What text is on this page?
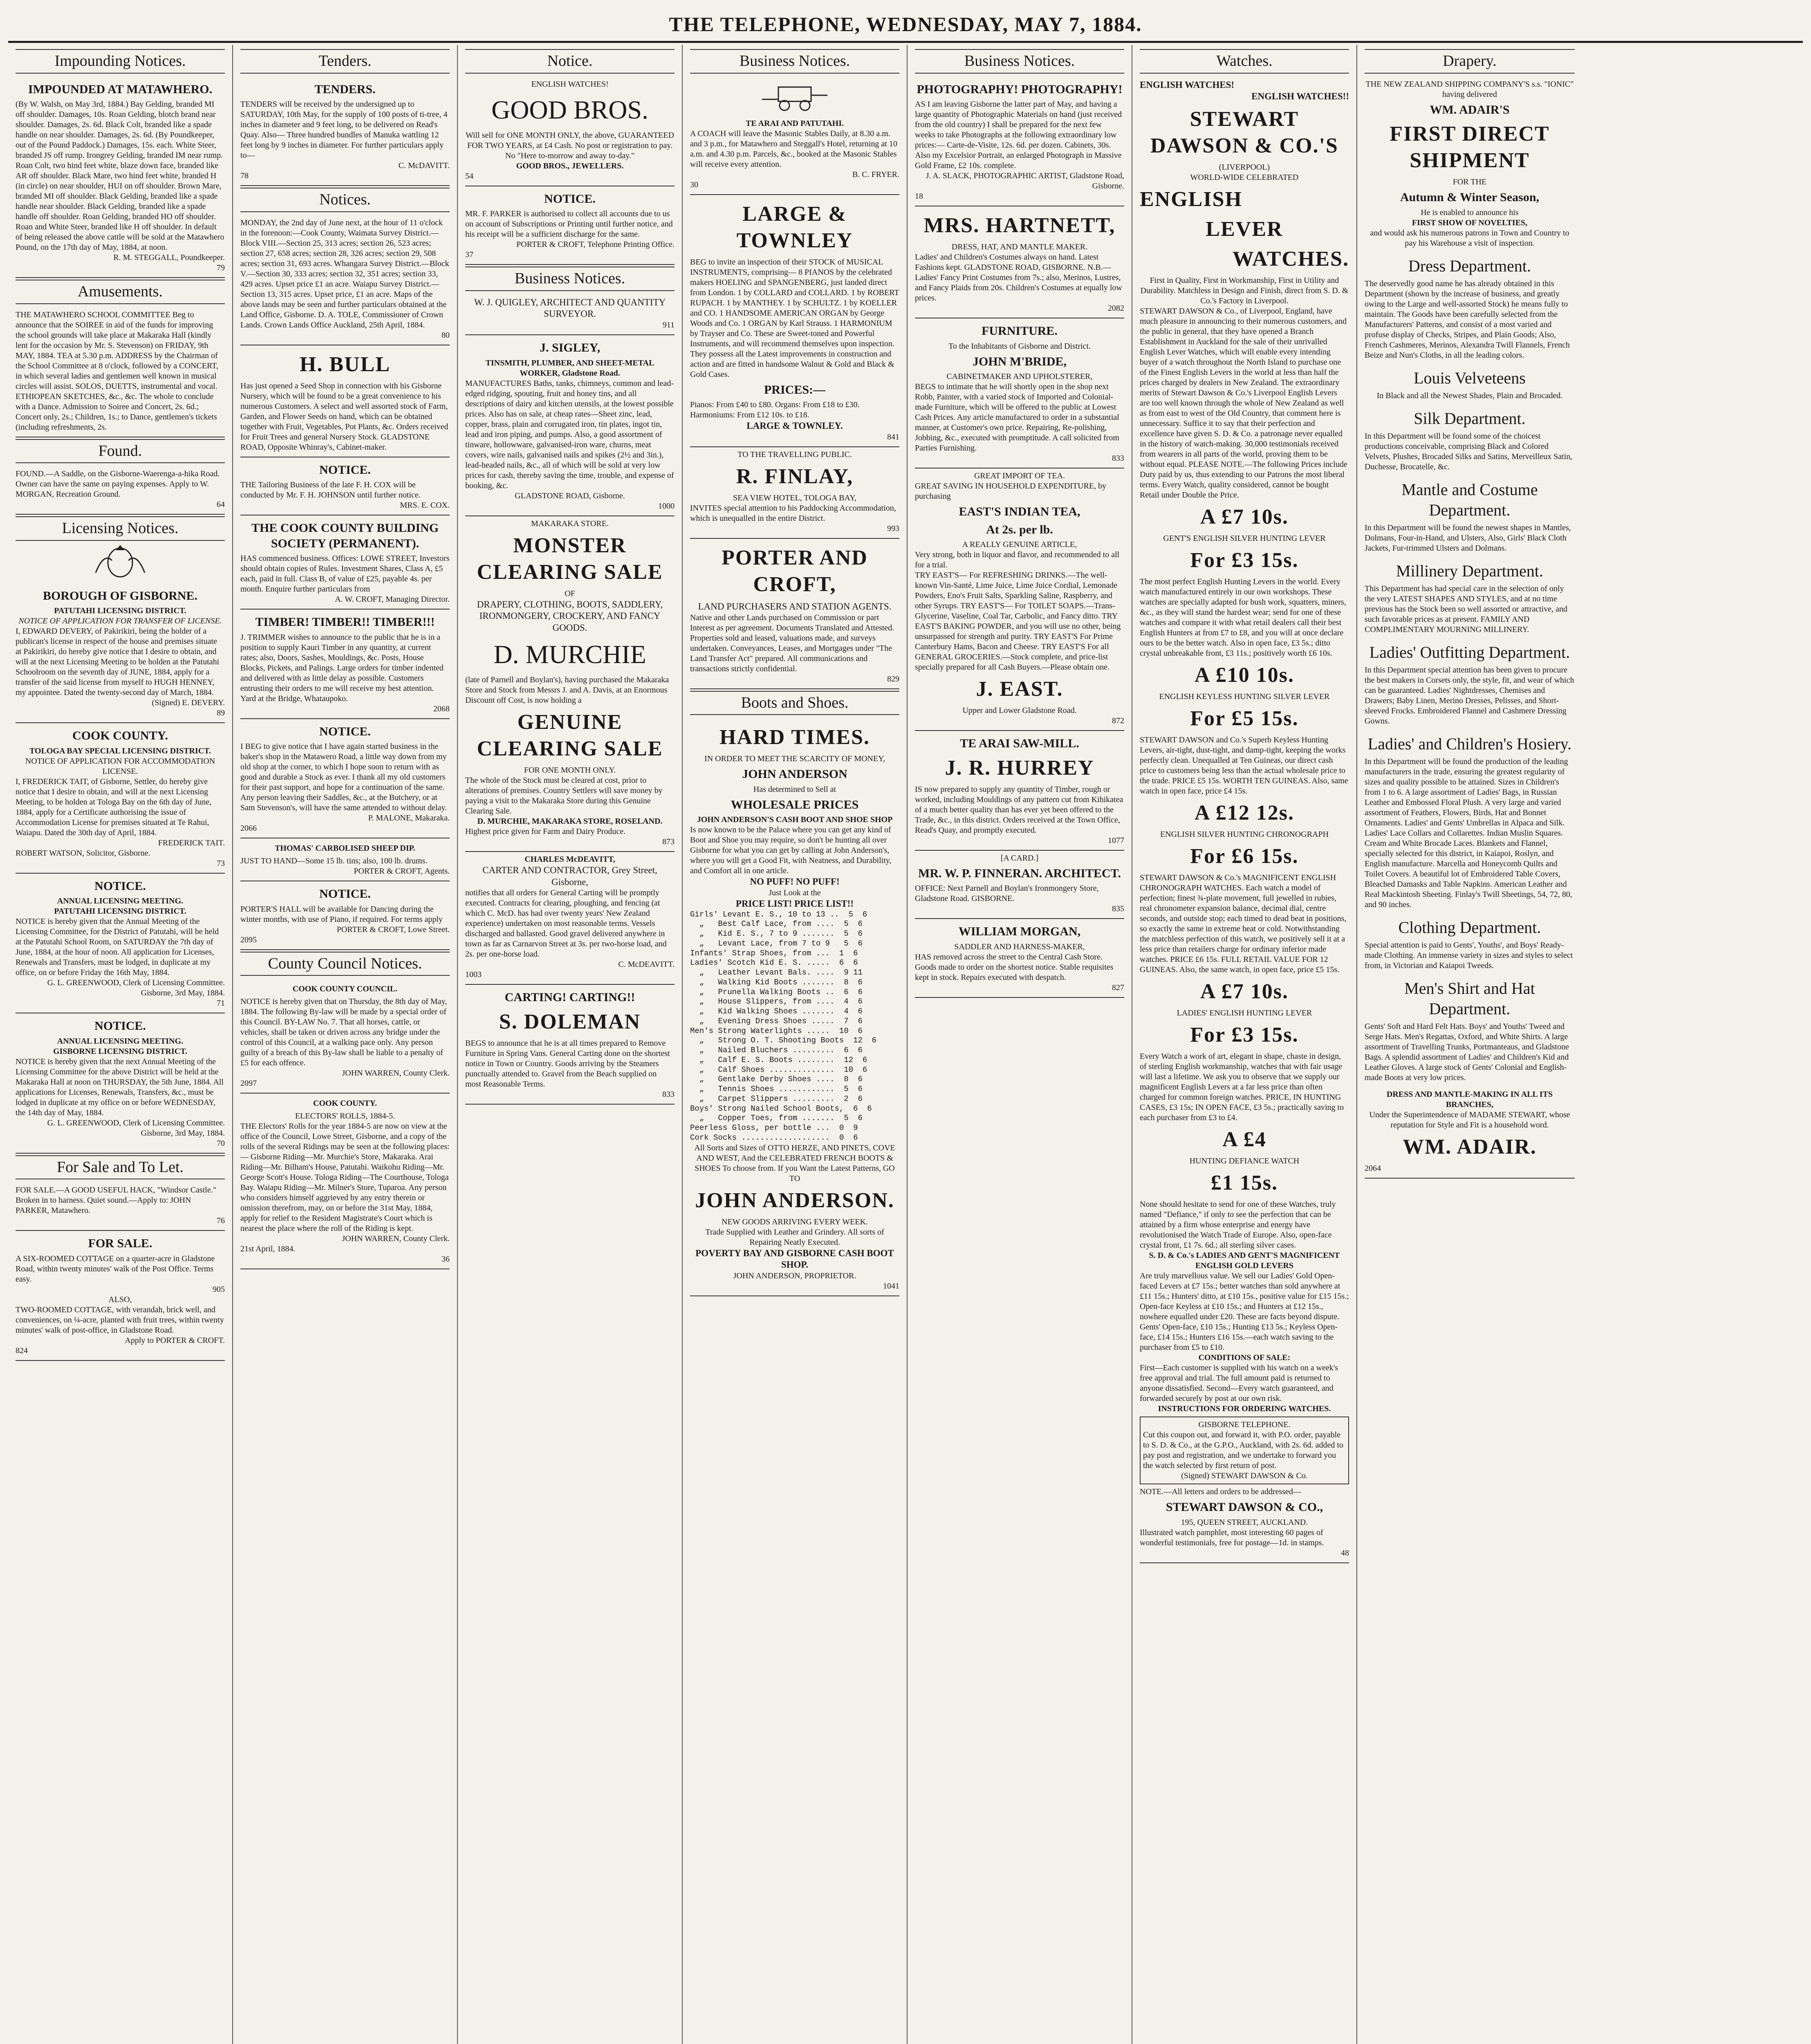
THE TELEPHONE, WEDNESDAY, MAY 7, 1884.
Impounding Notices.
IMPOUNDED AT MATAWHERO.
(By W. Walsh, on May 3rd, 1884.) Bay Gelding, branded MI off shoulder. Damages, 10s. Roan Gelding, blotch brand near shoulder. Damages, 2s. 6d. Black Colt, branded like a spade handle on near shoulder. Damages, 2s. 6d. (By Poundkeeper, out of the Pound Paddock.) Damages, 15s. each. White Steer, branded JS off rump. Irongrey Gelding, branded IM near rump. Roan Colt, two hind feet white, blaze down face, branded like AR off shoulder. Black Mare, two hind feet white, branded H (in circle) on near shoulder, HUI on off shoulder. Brown Mare, branded MI off shoulder. Black Gelding, branded like a spade handle near shoulder. Black Gelding, branded like a spade handle off shoulder. Roan Gelding, branded HO off shoulder. Roan and White Steer, branded like H off shoulder. In default of being released the above cattle will be sold at the Matawhero Pound, on the 17th day of May, 1884, at noon.
R. M. STEGGALL, Poundkeeper.
79
Amusements.
THE MATAWHERO SCHOOL COMMITTEE Beg to announce that the SOIREE in aid of the funds for improving the school grounds will take place at Makaraka Hall (kindly lent for the occasion by Mr. S. Stevenson) on FRIDAY, 9th MAY, 1884. TEA at 5.30 p.m. ADDRESS by the Chairman of the School Committee at 8 o'clock, followed by a CONCERT, in which several ladies and gentlemen well known in musical circles will assist. SOLOS, DUETTS, instrumental and vocal. ETHIOPEAN SKETCHES, &c., &c. The whole to conclude with a Dance. Admission to Soiree and Concert, 2s. 6d.; Concert only, 2s.; Children, 1s.; to Dance, gentlemen's tickets (including refreshments, 2s.
Found.
FOUND.—A Saddle, on the Gisborne-Waerenga-a-hika Road. Owner can have the same on paying expenses. Apply to W. MORGAN, Recreation Ground.
64
Licensing Notices.
BOROUGH OF GISBORNE.
PATUTAHI LICENSING DISTRICT.
NOTICE OF APPLICATION FOR TRANSFER OF LICENSE.
I, EDWARD DEVERY, of Pakirikiri, being the holder of a publican's license in respect of the house and premises situate at Pakirikiri, do hereby give notice that I desire to obtain, and will at the next Licensing Meeting to be holden at the Patutahi Schoolroom on the seventh day of JUNE, 1884, apply for a transfer of the said license from myself to HUGH HENNEY, my appointee. Dated the twenty-second day of March, 1884.
(Signed) E. DEVERY.
89
COOK COUNTY.
TOLOGA BAY SPECIAL LICENSING DISTRICT.
NOTICE OF APPLICATION FOR ACCOMMODATION LICENSE.
I, FREDERICK TAIT, of Gisborne, Settler, do hereby give notice that I desire to obtain, and will at the next Licensing Meeting, to be holden at Tologa Bay on the 6th day of June, 1884, apply for a Certificate authorising the issue of Accommodation License for premises situated at Te Rahui, Waiapu. Dated the 30th day of April, 1884.
FREDERICK TAIT.
ROBERT WATSON, Solicitor, Gisborne.
73
NOTICE.
ANNUAL LICENSING MEETING.
PATUTAHI LICENSING DISTRICT.
NOTICE is hereby given that the Annual Meeting of the Licensing Committee, for the District of Patutahi, will be held at the Patutahi School Room, on SATURDAY the 7th day of June, 1884, at the hour of noon. All application for Licenses, Renewals and Transfers, must be lodged, in duplicate at my office, on or before Friday the 16th May, 1884.
G. L. GREENWOOD, Clerk of Licensing Committee. Gisborne, 3rd May, 1884.
71
NOTICE.
ANNUAL LICENSING MEETING.
GISBORNE LICENSING DISTRICT.
NOTICE is hereby given that the next Annual Meeting of the Licensing Committee for the above District will be held at the Makaraka Hall at noon on THURSDAY, the 5th June, 1884. All applications for Licenses, Renewals, Transfers, &c., must be lodged in duplicate at my office on or before WEDNESDAY, the 14th day of May, 1884.
G. L. GREENWOOD, Clerk of Licensing Committee. Gisborne, 3rd May, 1884.
70
For Sale and To Let.
FOR SALE.—A GOOD USEFUL HACK, "Windsor Castle." Broken in to harness. Quiet sound.—Apply to: JOHN PARKER, Matawhero.
76
FOR SALE.
A SIX-ROOMED COTTAGE on a quarter-acre in Gladstone Road, within twenty minutes' walk of the Post Office. Terms easy.
905
ALSO,
TWO-ROOMED COTTAGE, with verandah, brick well, and conveniences, on ¼-acre, planted with fruit trees, within twenty minutes' walk of post-office, in Gladstone Road.
Apply to PORTER & CROFT.
824
Tenders.
TENDERS.
TENDERS will be received by the undersigned up to SATURDAY, 10th May, for the supply of 100 posts of ti-tree, 4 inches in diameter and 9 feet long, to be delivered on Read's Quay. Also— Three hundred bundles of Manuka wattling 12 feet long by 9 inches in diameter. For further particulars apply to—
C. McDAVITT.
78
Notices.
MONDAY, the 2nd day of June next, at the hour of 11 o'clock in the forenoon:—Cook County, Waimata Survey District.—Block VIII.—Section 25, 313 acres; section 26, 523 acres; section 27, 658 acres; section 28, 326 acres; section 29, 508 acres; section 31, 693 acres. Whangara Survey District.—Block V.—Section 30, 333 acres; section 32, 351 acres; section 33, 429 acres. Upset price £1 an acre. Waiapu Survey District.—Section 13, 315 acres. Upset price, £1 an acre. Maps of the above lands may be seen and further particulars obtained at the Land Office, Gisborne. D. A. TOLE, Commissioner of Crown Lands. Crown Lands Office Auckland, 25th April, 1884.
80
H. BULL
Has just opened a Seed Shop in connection with his Gisborne Nursery, which will be found to be a great convenience to his numerous Customers. A select and well assorted stock of Farm, Garden, and Flower Seeds on hand, which can be obtained together with Fruit, Vegetables, Pot Plants, &c. Orders received for Fruit Trees and general Nursery Stock. GLADSTONE ROAD, Opposite Whinray's, Cabinet-maker.
NOTICE.
THE Tailoring Business of the late F. H. COX will be conducted by Mr. F. H. JOHNSON until further notice.
MRS. E. COX.
THE COOK COUNTY BUILDING SOCIETY (PERMANENT).
HAS commenced business. Offices: LOWE STREET, Investors should obtain copies of Rules. Investment Shares, Class A, £5 each, paid in full. Class B, of value of £25, payable 4s. per month. Enquire further particulars from
A. W. CROFT, Managing Director.
TIMBER! TIMBER!! TIMBER!!!
J. TRIMMER wishes to announce to the public that he is in a position to supply Kauri Timber in any quantity, at current rates; also, Doors, Sashes, Mouldings, &c. Posts, House Blocks, Pickets, and Palings. Large orders for timber indented and delivered with as little delay as possible. Customers entrusting their orders to me will receive my best attention. Yard at the Bridge, Whataupoko.
2068
NOTICE.
I BEG to give notice that I have again started business in the baker's shop in the Matawero Road, a little way down from my old shop at the corner, to which I hope soon to return with as good and durable a Stock as ever. I thank all my old customers for their past support, and hope for a continuation of the same. Any person leaving their Saddles, &c., at the Butchery, or at Sam Stevenson's, will have the same attended to without delay.
P. MALONE, Makaraka.
2066
THOMAS' CARBOLISED SHEEP DIP.
JUST TO HAND—Some 15 lb. tins; also, 100 lb. drums.
PORTER & CROFT, Agents.
NOTICE.
PORTER'S HALL will be available for Dancing during the winter months, with use of Piano, if required. For terms apply
PORTER & CROFT, Lowe Street.
2095
County Council Notices.
COOK COUNTY COUNCIL.
NOTICE is hereby given that on Thursday, the 8th day of May, 1884. The following By-law will be made by a special order of this Council. BY-LAW No. 7. That all horses, cattle, or vehicles, shall be taken or driven across any bridge under the control of this Council, at a walking pace only. Any person guilty of a breach of this By-law shall be liable to a penalty of £5 for each offence.
JOHN WARREN, County Clerk.
2097
COOK COUNTY.
ELECTORS' ROLLS, 1884-5.
THE Electors' Rolls for the year 1884-5 are now on view at the office of the Council, Lowe Street, Gisborne, and a copy of the rolls of the several Ridings may be seen at the following places:— Gisborne Riding—Mr. Murchie's Store, Makaraka. Arai Riding—Mr. Bilham's House, Patutahi. Waikohu Riding—Mr. George Scott's House. Tologa Riding—The Courthouse, Tologa Bay. Waiapu Riding—Mr. Milner's Store, Tuparoa. Any person who considers himself aggrieved by any entry therein or omission therefrom, may, on or before the 31st May, 1884, apply for relief to the Resident Magistrate's Court which is nearest the place where the roll of the Riding is kept.
JOHN WARREN, County Clerk.
21st April, 1884.
36
Notice.
ENGLISH WATCHES!
GOOD BROS.
Will sell for ONE MONTH ONLY, the above, GUARANTEED FOR TWO YEARS, at £4 Cash. No post or registration to pay. No "Here to-morrow and away to-day."
GOOD BROS., JEWELLERS.
54
NOTICE.
MR. F. PARKER is authorised to collect all accounts due to us on account of Subscriptions or Printing until further notice, and his receipt will be a sufficient discharge for the same.
PORTER & CROFT, Telephone Printing Office.
37
Business Notices.
W. J. QUIGLEY, ARCHITECT AND QUANTITY SURVEYOR.
911
J. SIGLEY,
TINSMITH, PLUMBER, AND SHEET-METAL WORKER, Gladstone Road.
MANUFACTURES Baths, tanks, chimneys, common and lead-edged ridging, spouting, fruit and honey tins, and all descriptions of dairy and kitchen utensils, at the lowest possible prices. Also has on sale, at cheap rates—Sheet zinc, lead, copper, brass, plain and corrugated iron, tin plates, ingot tin, lead and iron piping, and pumps. Also, a good assortment of tinware, hollowware, galvanised-iron ware, churns, meat covers, wire nails, galvanised nails and spikes (2½ and 3in.), lead-headed nails, &c., all of which will be sold at very low prices for cash, thereby saving the time, trouble, and expense of booking, &c.
GLADSTONE ROAD, Gisborne.
1000
MAKARAKA STORE.
MONSTER CLEARING SALE
OF
DRAPERY, CLOTHING, BOOTS, SADDLERY, IRONMONGERY, CROCKERY, AND FANCY GOODS.
D. MURCHIE
(late of Parnell and Boylan's), having purchased the Makaraka Store and Stock from Messrs J. and A. Davis, at an Enormous Discount off Cost, is now holding a
GENUINE CLEARING SALE
FOR ONE MONTH ONLY.
The whole of the Stock must be cleared at cost, prior to alterations of premises. Country Settlers will save money by paying a visit to the Makaraka Store during this Genuine Clearing Sale.
D. MURCHIE, MAKARAKA STORE, ROSELAND.
Highest price given for Farm and Dairy Produce.
873
CHARLES McDEAVITT,
CARTER AND CONTRACTOR, Grey Street, Gisborne,
notifies that all orders for General Carting will be promptly executed. Contracts for clearing, ploughing, and fencing (at which C. McD. has had over twenty years' New Zealand experience) undertaken on most reasonable terms. Vessels discharged and ballasted. Good gravel delivered anywhere in town as far as Carnarvon Street at 3s. per two-horse load, and 2s. per one-horse load.
C. McDEAVITT.
1003
CARTING! CARTING!!
S. DOLEMAN
BEGS to announce that he is at all times prepared to Remove Furniture in Spring Vans. General Carting done on the shortest notice in Town or Country. Goods arriving by the Steamers punctually attended to. Gravel from the Beach supplied on most Reasonable Terms.
833
Business Notices.
TE ARAI AND PATUTAHI.
A COACH will leave the Masonic Stables Daily, at 8.30 a.m. and 3 p.m., for Matawhero and Steggall's Hotel, returning at 10 a.m. and 4.30 p.m. Parcels, &c., booked at the Masonic Stables will receive every attention.
B. C. FRYER.
30
LARGE & TOWNLEY
BEG to invite an inspection of their STOCK of MUSICAL INSTRUMENTS, comprising— 8 PIANOS by the celebrated makers HOELING and SPANGENBERG, just landed direct from London. 1 by COLLARD and COLLARD. 1 by ROBERT RUPACH. 1 by MANTHEY. 1 by SCHULTZ. 1 by KOELLER and CO. 1 HANDSOME AMERICAN ORGAN by George Woods and Co. 1 ORGAN by Karl Strauss. 1 HARMONIUM by Trayser and Co. These are Sweet-toned and Powerful Instruments, and will recommend themselves upon inspection. They possess all the Latest improvements in construction and action and are fitted in handsome Walnut & Gold and Black & Gold Cases.
PRICES:—
Pianos: From £40 to £80. Organs: From £18 to £30. Harmoniums: From £12 10s. to £18.
LARGE & TOWNLEY.
841
TO THE TRAVELLING PUBLIC.
R. FINLAY,
SEA VIEW HOTEL, TOLOGA BAY,
INVITES special attention to his Paddocking Accommodation, which is unequalled in the entire District.
993
PORTER AND CROFT,
LAND PURCHASERS AND STATION AGENTS.
Native and other Lands purchased on Commission or part Interest as per agreement. Documents Translated and Attested. Properties sold and leased, valuations made, and surveys undertaken. Conveyances, Leases, and Mortgages under "The Land Transfer Act" prepared. All communications and transactions strictly confidential.
829
Boots and Shoes.
HARD TIMES.
IN ORDER TO MEET THE SCARCITY OF MONEY,
JOHN ANDERSON
Has determined to Sell at
WHOLESALE PRICES
JOHN ANDERSON'S CASH BOOT AND SHOE SHOP
Is now known to be the Palace where you can get any kind of Boot and Shoe you may require, so don't be hunting all over Gisborne for what you can get by calling at John Anderson's, where you will get a Good Fit, with Neatness, and Durability, and Comfort all in one article.
NO PUFF! NO PUFF!
Just Look at the
PRICE LIST! PRICE LIST!!
Girls' Levant E. S., 10 to 13 ..  5  6
„   Best Calf Lace, from ....  5  6
„   Kid E. S., 7 to 9 .......  5  6
„   Levant Lace, from 7 to 9   5  6
Infants' Strap Shoes, from ...  1  6
Ladies' Scotch Kid E. S. .....  6  6
„   Leather Levant Bals. ....  9 11
„   Walking Kid Boots .......  8  6
„   Prunella Walking Boots ..  6  6
„   House Slippers, from ....  4  6
„   Kid Walking Shoes .......  4  6
„   Evening Dress Shoes .....  7  6
Men's Strong Waterlights .....  10  6
„   Strong O. T. Shooting Boots  12  6
„   Nailed Bluchers .........  6  6
„   Calf E. S. Boots ........  12  6
„   Calf Shoes ..............  10  6
„   Gentlake Derby Shoes ....  8  6
„   Tennis Shoes ............  5  6
„   Carpet Slippers .........  2  6
Boys' Strong Nailed School Boots,  6  6
„   Copper Toes, from .......  5  6
Peerless Gloss, per bottle ...  0  9
Cork Socks ...................  0  6
All Sorts and Sizes of OTTO HERZE, AND PINETS, COVE AND WEST, And the CELEBRATED FRENCH BOOTS & SHOES To choose from. If you Want the Latest Patterns, GO TO
JOHN ANDERSON.
NEW GOODS ARRIVING EVERY WEEK.
Trade Supplied with Leather and Grindery. All sorts of Repairing Neatly Executed.
POVERTY BAY AND GISBORNE CASH BOOT SHOP.
JOHN ANDERSON, PROPRIETOR.
1041
Business Notices.
PHOTOGRAPHY! PHOTOGRAPHY!
AS I am leaving Gisborne the latter part of May, and having a large quantity of Photographic Materials on hand (just received from the old country) I shall be prepared for the next few weeks to take Photographs at the following extraordinary low prices:— Carte-de-Visite, 12s. 6d. per dozen. Cabinets, 30s. Also my Excelsior Portrait, an enlarged Photograph in Massive Gold Frame, £2 10s. complete.
J. A. SLACK, PHOTOGRAPHIC ARTIST, Gladstone Road, Gisborne.
18
MRS. HARTNETT,
DRESS, HAT, AND MANTLE MAKER.
Ladies' and Children's Costumes always on hand. Latest Fashions kept. GLADSTONE ROAD, GISBORNE. N.B.—Ladies' Fancy Print Costumes from 7s.; also, Merinos, Lustres, and Fancy Plaids from 20s. Children's Costumes at equally low prices.
2082
FURNITURE.
To the Inhabitants of Gisborne and District.
JOHN M'BRIDE,
CABINETMAKER AND UPHOLSTERER,
BEGS to intimate that he will shortly open in the shop next Robb, Painter, with a varied stock of Imported and Colonial-made Furniture, which will be offered to the public at Lowest Cash Prices. Any article manufactured to order in a substantial manner, at Customer's own price. Repairing, Re-polishing, Jobbing, &c., executed with promptitude. A call solicited from Parties Furnishing.
833
GREAT IMPORT OF TEA.
GREAT SAVING IN HOUSEHOLD EXPENDITURE, by purchasing
EAST'S INDIAN TEA,
At 2s. per lb.
A REALLY GENUINE ARTICLE,
Very strong, both in liquor and flavor, and recommended to all for a trial.
TRY EAST'S— For REFRESHING DRINKS.—The well-known Vin-Santé, Lime Juice, Lime Juice Cordial, Lemonade Powders, Eno's Fruit Salts, Sparkling Saline, Raspberry, and other Syrups. TRY EAST'S— For TOILET SOAPS.—Trans-Glycerine, Vaseline, Coal Tar, Carbolic, and Fancy ditto. TRY EAST'S BAKING POWDER, and you will use no other, being unsurpassed for strength and purity. TRY EAST'S For Prime Canterbury Hams, Bacon and Cheese. TRY EAST'S For all GENERAL GROCERIES.—Stock complete, and price-list specially prepared for all Cash Buyers.—Please obtain one.
J. EAST.
Upper and Lower Gladstone Road.
872
TE ARAI SAW-MILL.
J. R. HURREY
IS now prepared to supply any quantity of Timber, rough or worked, including Mouldings of any pattern cut from Kihikatea of a much better quality than has ever yet been offered to the Trade, &c., in this district. Orders received at the Town Office, Read's Quay, and promptly executed.
1077
[A CARD.]
MR. W. P. FINNERAN. ARCHITECT.
OFFICE: Next Parnell and Boylan's Ironmongery Store, Gladstone Road. GISBORNE.
835
WILLIAM MORGAN,
SADDLER AND HARNESS-MAKER,
HAS removed across the street to the Central Cash Store. Goods made to order on the shortest notice. Stable requisites kept in stock. Repairs executed with despatch.
827
Watches.
ENGLISH WATCHES!
ENGLISH WATCHES!!
STEWART DAWSON & CO.'S
(LIVERPOOL)
WORLD-WIDE CELEBRATED
ENGLISH
LEVER
WATCHES.
First in Quality, First in Workmanship, First in Utility and Durability. Matchless in Design and Finish, direct from S. D. & Co.'s Factory in Liverpool.
STEWART DAWSON & Co., of Liverpool, England, have much pleasure in announcing to their numerous customers, and the public in general, that they have opened a Branch Establishment in Auckland for the sale of their unrivalled English Lever Watches, which will enable every intending buyer of a watch throughout the North Island to purchase one of the Finest English Levers in the world at less than half the prices charged by dealers in New Zealand. The extraordinary merits of Stewart Dawson & Co.'s Liverpool English Levers are too well known through the whole of New Zealand as well as from east to west of the Old Country, that comment here is unnecessary. Suffice it to say that their perfection and excellence have given S. D. & Co. a patronage never equalled in the history of watch-making. 30,000 testimonials received from wearers in all parts of the world, proving them to be without equal. PLEASE NOTE.—The following Prices include Duty paid by us, thus extending to our Patrons the most liberal terms. Every Watch, quality considered, cannot be bought Retail under Double the Price.
A £7 10s.
GENT'S ENGLISH SILVER HUNTING LEVER
For £3 15s.
The most perfect English Hunting Levers in the world. Every watch manufactured entirely in our own workshops. These watches are specially adapted for bush work, squatters, miners, &c., as they will stand the hardest wear; send for one of these watches and compare it with what retail dealers call their best English Hunters at from £7 to £8, and you will at once declare ours to be the better watch. Also in open face, £3 5s.; ditto crystal unbreakable front, £3 11s.; positively worth £6 10s.
A £10 10s.
ENGLISH KEYLESS HUNTING SILVER LEVER
For £5 15s.
STEWART DAWSON and Co.'s Superb Keyless Hunting Levers, air-tight, dust-tight, and damp-tight, keeping the works perfectly clean. Unequalled at Ten Guineas, our direct cash price to customers being less than the actual wholesale price to the trade. PRICE £5 15s. WORTH TEN GUINEAS. Also, same watch in open face, price £4 15s.
A £12 12s.
ENGLISH SILVER HUNTING CHRONOGRAPH
For £6 15s.
STEWART DAWSON & Co.'s MAGNIFICENT ENGLISH CHRONOGRAPH WATCHES. Each watch a model of perfection; finest ¾-plate movement, full jewelled in rubies, real chronometer expansion balance, decimal dial, centre seconds, and outside stop; each timed to dead beat in positions, so exactly the same in extreme heat or cold. Notwithstanding the matchless perfection of this watch, we positively sell it at a less price than retailers charge for ordinary inferior made watches. PRICE £6 15s. FULL RETAIL VALUE FOR 12 GUINEAS. Also, the same watch, in open face, price £5 15s.
A £7 10s.
LADIES' ENGLISH HUNTING LEVER
For £3 15s.
Every Watch a work of art, elegant in shape, chaste in design, of sterling English workmanship, watches that with fair usage will last a lifetime. We ask you to observe that we supply our magnificent English Levers at a far less price than often charged for common foreign watches. PRICE, IN HUNTING CASES, £3 15s; IN OPEN FACE, £3 5s.; practically saving to each purchaser from £3 to £4.
A £4
HUNTING DEFIANCE WATCH
£1 15s.
None should hesitate to send for one of these Watches, truly named "Defiance," if only to see the perfection that can be attained by a firm whose enterprise and energy have revolutionised the Watch Trade of Europe. Also, open-face crystal front, £1 7s. 6d.; all sterling silver cases.
S. D. & Co.'s LADIES AND GENT'S MAGNIFICENT ENGLISH GOLD LEVERS
Are truly marvellous value. We sell our Ladies' Gold Open-faced Levers at £7 15s.; better watches than sold anywhere at £11 15s.; Hunters' ditto, at £10 15s., positive value for £15 15s.; Open-face Keyless at £10 15s.; and Hunters at £12 15s., nowhere equalled under £20. These are facts beyond dispute. Gents' Open-face, £10 15s.; Hunting £13 5s.; Keyless Open-face, £14 15s.; Hunters £16 15s.—each watch saving to the purchaser from £5 to £10.
CONDITIONS OF SALE:
First—Each customer is supplied with his watch on a week's free approval and trial. The full amount paid is returned to anyone dissatisfied. Second—Every watch guaranteed, and forwarded securely by post at our own risk.
INSTRUCTIONS FOR ORDERING WATCHES.
GISBORNE TELEPHONE.
Cut this coupon out, and forward it, with P.O. order, payable to S. D. & Co., at the G.P.O., Auckland, with 2s. 6d. added to pay post and registration, and we undertake to forward you the watch selected by first return of post.
(Signed) STEWART DAWSON & Co.
NOTE.—All letters and orders to be addressed—
STEWART DAWSON & CO.,
195, QUEEN STREET, AUCKLAND.
Illustrated watch pamphlet, most interesting 60 pages of wonderful testimonials, free for postage—1d. in stamps.
48
Drapery.
THE NEW ZEALAND SHIPPING COMPANY'S s.s. "IONIC" having delivered
WM. ADAIR'S
FIRST DIRECT SHIPMENT
FOR THE
Autumn & Winter Season,
He is enabled to announce his
FIRST SHOW OF NOVELTIES,
and would ask his numerous patrons in Town and Country to pay his Warehouse a visit of inspection.
Dress Department.
The deservedly good name he has already obtained in this Department (shown by the increase of business, and greatly owing to the Large and well-assorted Stock) he means fully to maintain. The Goods have been carefully selected from the Manufacturers' Patterns, and consist of a most varied and profuse display of Checks, Stripes, and Plain Goods; Also, French Cashmeres, Merinos, Alexandra Twill Flannels, French Beize and Nun's Cloths, in all the leading colors.
Louis Velveteens
In Black and all the Newest Shades, Plain and Brocaded.
Silk Department.
In this Department will be found some of the choicest productions conceivable, comprising Black and Colored Velvets, Plushes, Brocaded Silks and Satins, Merveilleux Satin, Duchesse, Brocatelle, &c.
Mantle and Costume Department.
In this Department will be found the newest shapes in Mantles, Dolmans, Four-in-Hand, and Ulsters, Also, Girls' Black Cloth Jackets, Fur-trimmed Ulsters and Dolmans.
Millinery Department.
This Department has had special care in the selection of only the very LATEST SHAPES AND STYLES, and at no time previous has the Stock been so well assorted or attractive, and such favorable prices as at present. FAMILY AND COMPLIMENTARY MOURNING MILLINERY.
Ladies' Outfitting Department.
In this Department special attention has been given to procure the best makers in Corsets only, the style, fit, and wear of which can be guaranteed. Ladies' Nightdresses, Chemises and Drawers; Baby Linen, Merino Dresses, Pelisses, and Short-sleeved Frocks. Embroidered Flannel and Cashmere Dressing Gowns.
Ladies' and Children's Hosiery.
In this Department will be found the production of the leading manufacturers in the trade, ensuring the greatest regularity of sizes and quality possible to be attained. Sizes in Children's from 1 to 6. A large assortment of Ladies' Bags, in Russian Leather and Embossed Floral Plush. A very large and varied assortment of Feathers, Flowers, Birds, Hat and Bonnet Ornaments. Ladies' and Gents' Umbrellas in Alpaca and Silk. Ladies' Lace Collars and Collarettes. Indian Muslin Squares. Cream and White Brocade Laces. Blankets and Flannel, specially selected for this district, in Kaiapoi, Roslyn, and English manufacture. Marcella and Honeycomb Quilts and Toilet Covers. A beautiful lot of Embroidered Table Covers, Bleached Damasks and Table Napkins. American Leather and Real Mackintosh Sheeting. Finlay's Twill Sheetings, 54, 72, 80, and 90 inches.
Clothing Department.
Special attention is paid to Gents', Youths', and Boys' Ready-made Clothing. An immense variety in sizes and styles to select from, in Victorian and Kaiapoi Tweeds.
Men's Shirt and Hat Department.
Gents' Soft and Hard Felt Hats. Boys' and Youths' Tweed and Serge Hats. Men's Regattas, Oxford, and White Shirts. A large assortment of Travelling Trunks, Portmanteaus, and Gladstone Bags. A splendid assortment of Ladies' and Children's Kid and Leather Gloves. A large stock of Gents' Colonial and English-made Boots at very low prices.
DRESS AND MANTLE-MAKING IN ALL ITS BRANCHES,
Under the Superintendence of MADAME STEWART, whose reputation for Style and Fit is a household word.
WM. ADAIR.
2064
